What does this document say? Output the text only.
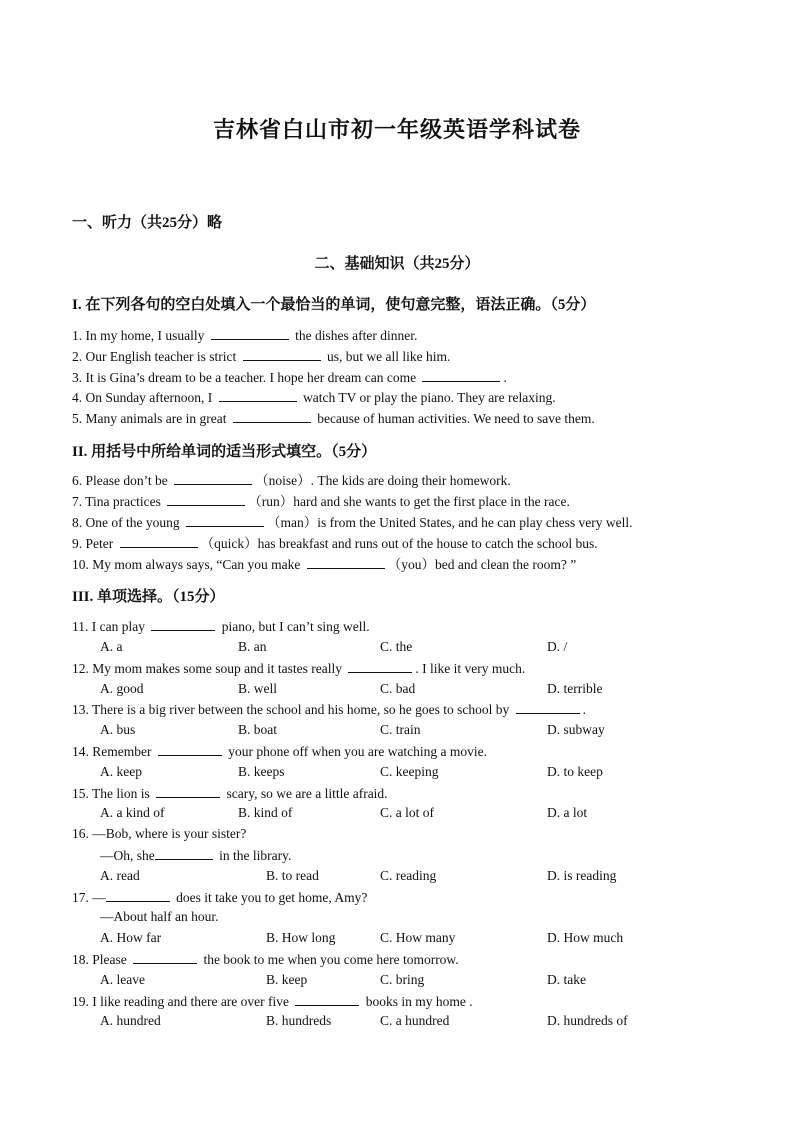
吉林省白山市初一年级英语学科试卷
一、听力（共25分）略
二、基础知识（共25分）
I. 在下列各句的空白处填入一个最恰当的单词，使句意完整，语法正确。（5分）
1. In my home, I usually	the dishes after dinner.
2. Our English teacher is strict	us, but we all like him.
3. It is Gina’s dream to be a teacher. I hope her dream can come	.
4. On Sunday afternoon, I	watch TV or play the piano. They are relaxing.
5. Many animals are in great	because of human activities. We need to save them.
II. 用括号中所给单词的适当形式填空。（5分）
6. Please don’t be	（noise）. The kids are doing their homework.
7. Tina practices	（run）hard and she wants to get the first place in the race.
8. One of the young	（man）is from the United States, and he can play chess very well.
9. Peter	（quick）has breakfast and runs out of the house to catch the school bus.
10. My mom always says, “Can you make	（you）bed and clean the room? ”
III. 单项选择。（15分）
11. I can play	piano, but I can’t sing well.
A. a	B. an	C. the	D. /
12. My mom makes some soup and it tastes really	. I like it very much.
A. good	B. well	C. bad	D. terrible
13. There is a big river between the school and his home, so he goes to school by	.
A. bus	B. boat	C. train	D. subway
14. Remember	your phone off when you are watching a movie.
A. keep	B. keeps	C. keeping	D. to keep
15. The lion is	scary, so we are a little afraid.
A. a kind of	B. kind of	C. a lot of	D. a lot
16. —Bob, where is your sister?
—Oh, she	in the library.
A. read	B. to read	C. reading	D. is reading
17. —	does it take you to get home, Amy?
—About half an hour.
A. How far	B. How long	C. How many	D. How much
18. Please	the book to me when you come here tomorrow.
A. leave	B. keep	C. bring	D. take
19. I like reading and there are over five	books in my home .
A. hundred	B. hundreds	C. a hundred	D. hundreds of
